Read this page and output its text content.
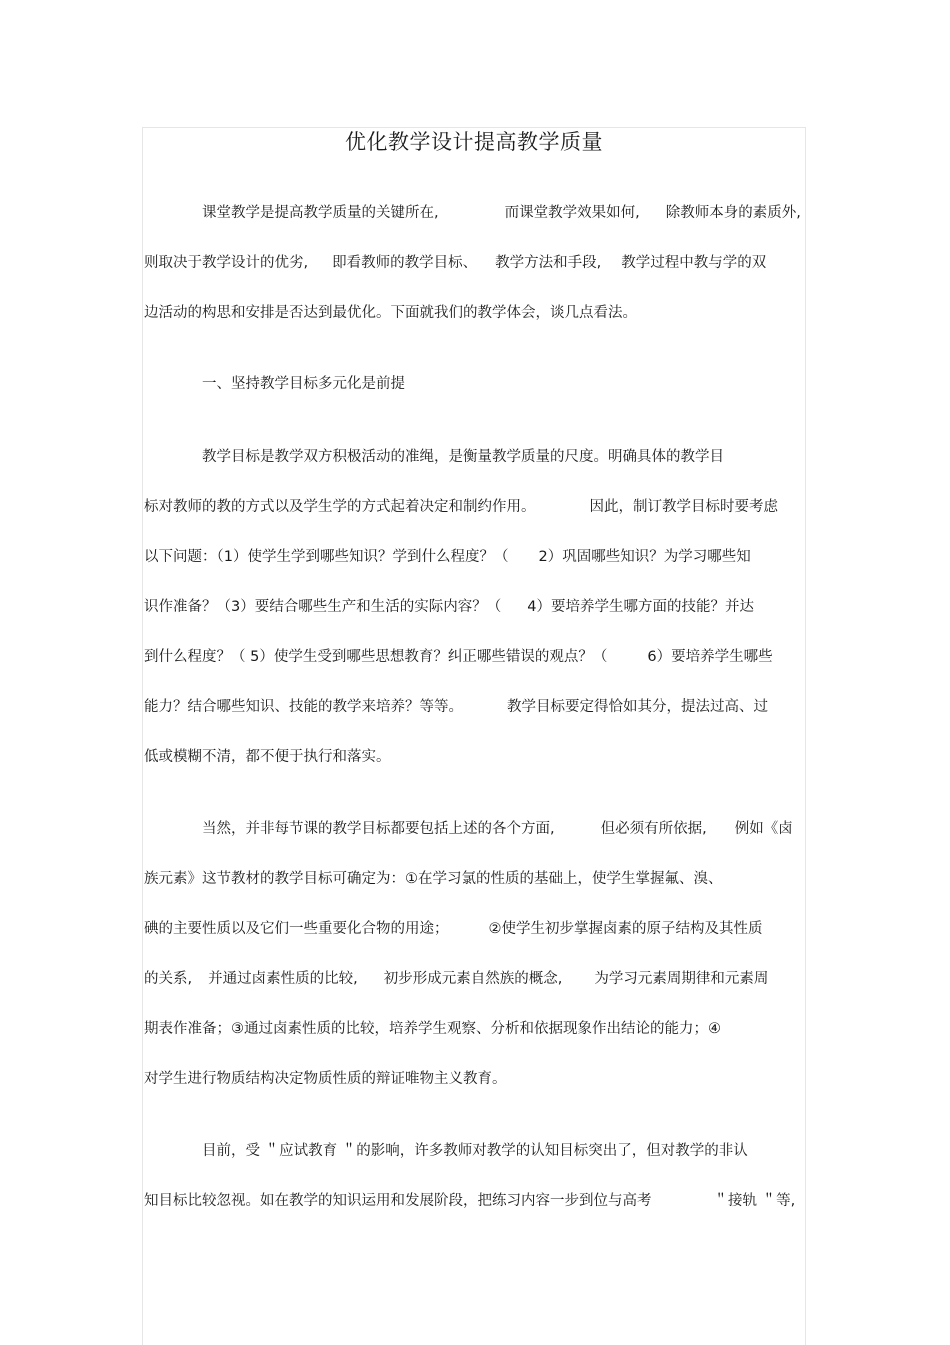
优化教学设计提高教学质量
课堂教学是提高教学质量的关键所在,	而课堂教学效果如何, 除教师本身的素质外,
则取决于教学设计的优劣, 即看教师的教学目标、 教学方法和手段, 教学过程中教与学的双
边活动的构思和安排是否达到最优化。下面就我们的教学体会，谈几点看法。
一、坚持教学目标多元化是前提
教学目标是教学双方积极活动的准绳，是衡量教学质量的尺度。明确具体的教学目
标对教师的教的方式以及学生学的方式起着决定和制约作用。	因此，制订教学目标时要考虑
以下问题：（1）使学生学到哪些知识？学到什么程度？（ 2）巩固哪些知识？为学习哪些知
识作准备？（3）要结合哪些生产和生活的实际内容？（ 4）要培养学生哪方面的技能？并达
到什么程度？（ 5）使学生受到哪些思想教育？纠正哪些错误的观点？（	6）要培养学生哪些
能力？结合哪些知识、技能的教学来培养？等等。	教学目标要定得恰如其分，提法过高、过
低或模糊不清，都不便于执行和落实。
当然，并非每节课的教学目标都要包括上述的各个方面,	但必须有所依据, 例如《卤
族元素》这节教材的教学目标可确定为：①在学习氯的性质的基础上，使学生掌握氟、溴、
碘的主要性质以及它们一些重要化合物的用途；	②使学生初步掌握卤素的原子结构及其性质
的关系, 并通过卤素性质的比较, 初步形成元素自然族的概念, 为学习元素周期律和元素周
期表作准备；③通过卤素性质的比较，培养学生观察、分析和依据现象作出结论的能力；④
对学生进行物质结构决定物质性质的辩证唯物主义教育。
目前，受 ＂应试教育 ＂的影响，许多教师对教学的认知目标突出了，但对教学的非认
知目标比较忽视。如在教学的知识运用和发展阶段，把练习内容一步到位与高考	＂接轨 ＂等,
